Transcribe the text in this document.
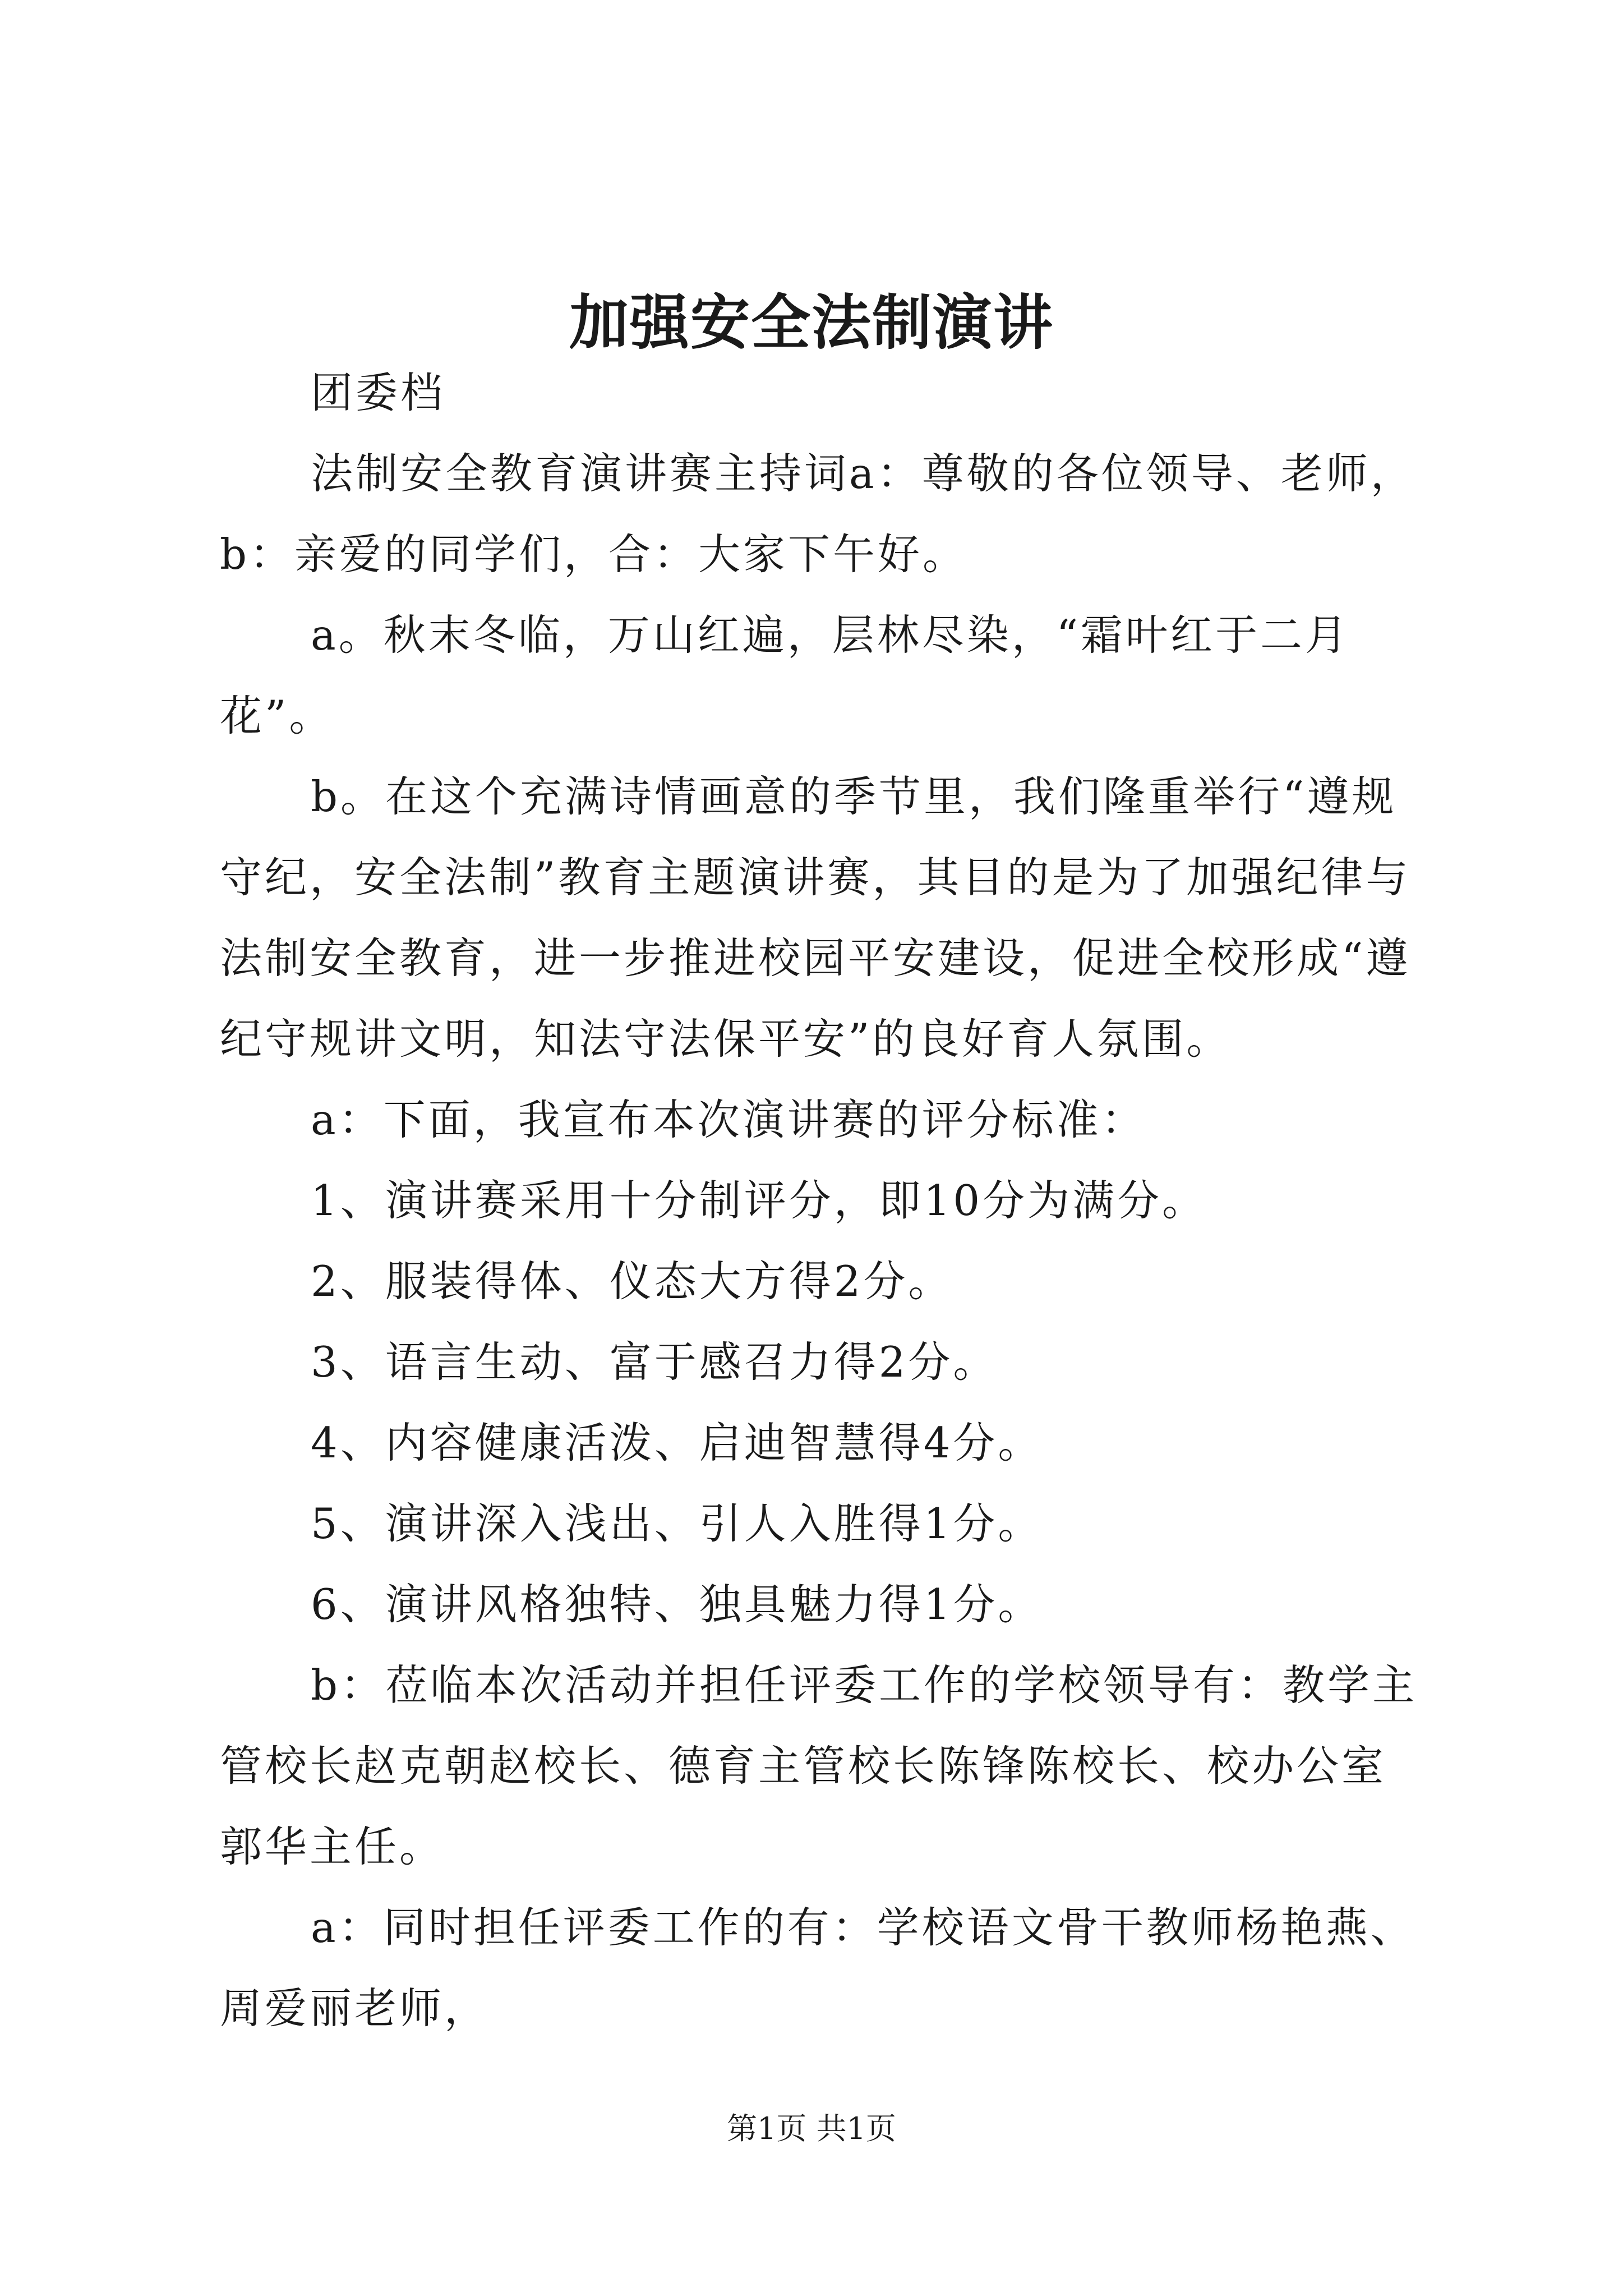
加强安全法制演讲

团委档

法制安全教育演讲赛主持词a：尊敬的各位领导、老师，b：亲爱的同学们，合：大家下午好。

a。秋末冬临，万山红遍，层林尽染，“霜叶红于二月花”。

b。在这个充满诗情画意的季节里，我们隆重举行“遵规守纪，安全法制”教育主题演讲赛，其目的是为了加强纪律与法制安全教育，进一步推进校园平安建设，促进全校形成“遵纪守规讲文明，知法守法保平安”的良好育人氛围。

a：下面，我宣布本次演讲赛的评分标准：

1、演讲赛采用十分制评分，即10分为满分。

2、服装得体、仪态大方得2分。

3、语言生动、富于感召力得2分。

4、内容健康活泼、启迪智慧得4分。

5、演讲深入浅出、引人入胜得1分。

6、演讲风格独特、独具魅力得1分。

b：莅临本次活动并担任评委工作的学校领导有：教学主管校长赵克朝赵校长、德育主管校长陈锋陈校长、校办公室郭华主任。

a：同时担任评委工作的有：学校语文骨干教师杨艳燕、周爱丽老师，

第1页 共1页
